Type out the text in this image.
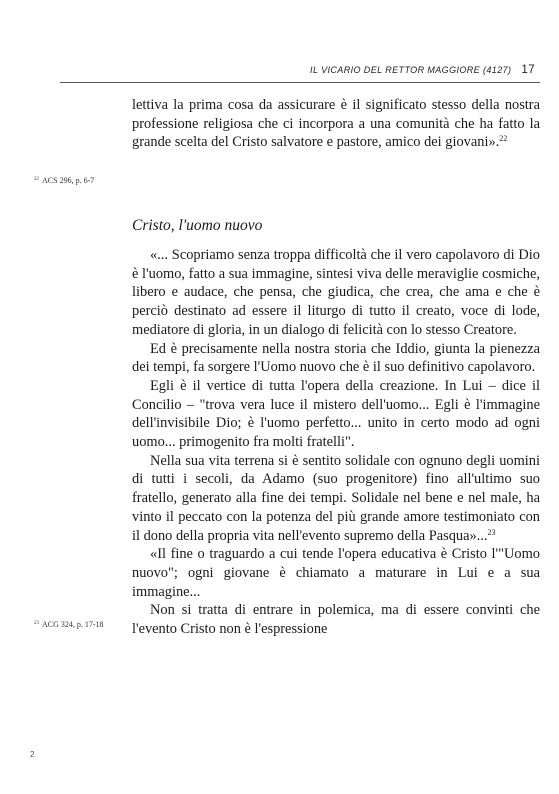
IL VICARIO DEL RETTOR MAGGIORE (4127) 17

lettiva la prima cosa da assicurare è il significato stesso della nostra professione religiosa che ci incorpora a una comunità che ha fatto la grande scelta del Cristo salvatore e pastore, amico dei giovani».$^{22}$

Cristo, l'uomo nuovo

«... Scopriamo senza troppa difficoltà che il vero capolavoro di Dio è l'uomo, fatto a sua immagine, sintesi viva delle meraviglie cosmiche, libero e audace, che pensa, che giudica, che crea, che ama e che è perciò destinato ad essere il liturgo di tutto il creato, voce di lode, mediatore di gloria, in un dialogo di felicità con lo stesso Creatore.

Ed è precisamente nella nostra storia che Iddio, giunta la pienezza dei tempi, fa sorgere l'Uomo nuovo che è il suo definitivo capolavoro.

Egli è il vertice di tutta l'opera della creazione. In Lui – dice il Concilio – "trova vera luce il mistero dell'uomo... Egli è l'immagine dell'invisibile Dio; è l'uomo perfetto... unito in certo modo ad ogni uomo... primogenito fra molti fratelli".

Nella sua vita terrena si è sentito solidale con ognuno degli uomini di tutti i secoli, da Adamo (suo progenitore) fino all'ultimo suo fratello, generato alla fine dei tempi. Solidale nel bene e nel male, ha vinto il peccato con la potenza del più grande amore testimoniato con il dono della propria vita nell'evento supremo della Pasqua»...$^{23}$

«Il fine o traguardo a cui tende l'opera educativa è Cristo l'"Uomo nuovo"; ogni giovane è chiamato a maturare in Lui e a sua immagine...

Non si tratta di entrare in polemica, ma di essere convinti che l'evento Cristo non è l'espressione

$^{22}$ ACS 296, p. 6-7
$^{23}$ ACG 324, p. 17-18
2
